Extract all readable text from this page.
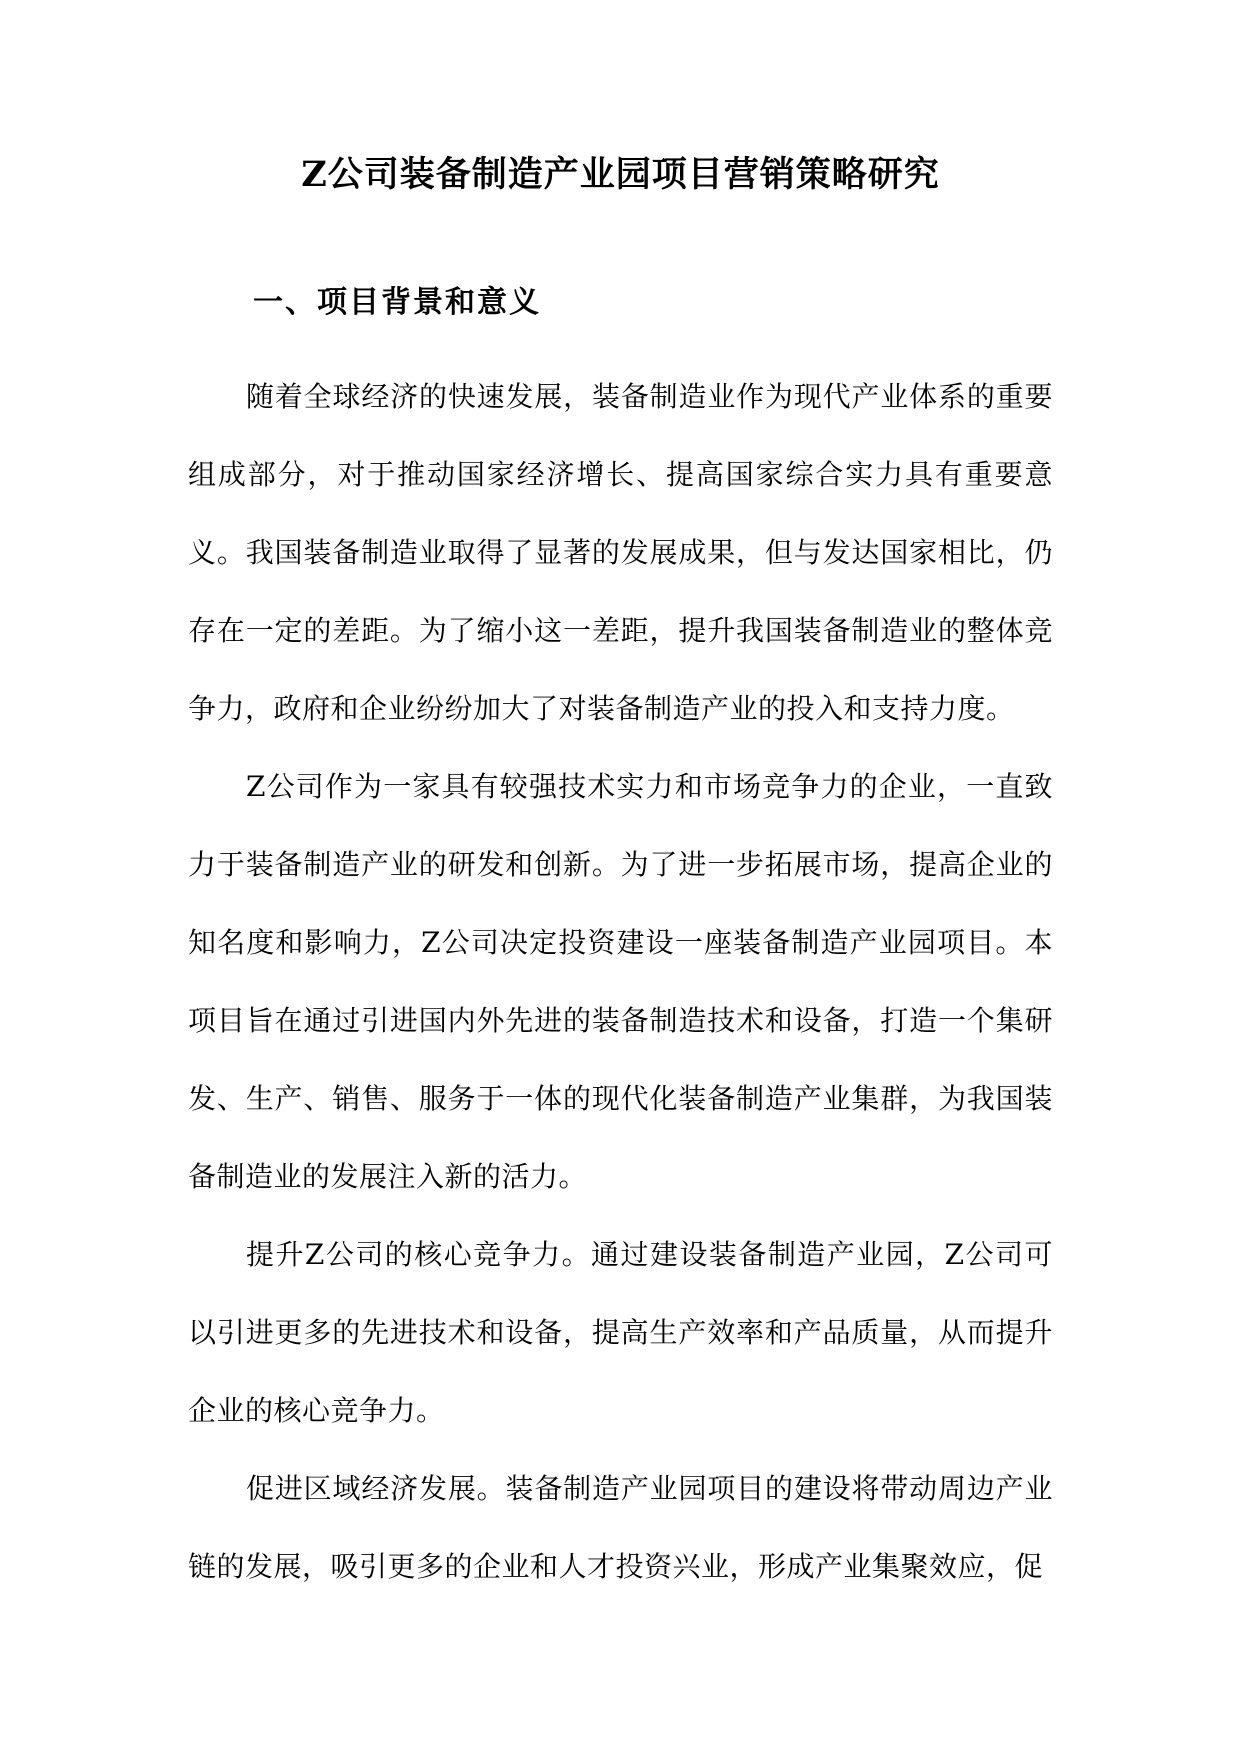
Z公司装备制造产业园项目营销策略研究
一、项目背景和意义

随着全球经济的快速发展，装备制造业作为现代产业体系的重要组成部分，对于推动国家经济增长、提高国家综合实力具有重要意义。我国装备制造业取得了显著的发展成果，但与发达国家相比，仍存在一定的差距。为了缩小这一差距，提升我国装备制造业的整体竞争力，政府和企业纷纷加大了对装备制造产业的投入和支持力度。

Z公司作为一家具有较强技术实力和市场竞争力的企业，一直致力于装备制造产业的研发和创新。为了进一步拓展市场，提高企业的知名度和影响力，Z公司决定投资建设一座装备制造产业园项目。本项目旨在通过引进国内外先进的装备制造技术和设备，打造一个集研发、生产、销售、服务于一体的现代化装备制造产业集群，为我国装备制造业的发展注入新的活力。

提升Z公司的核心竞争力。通过建设装备制造产业园，Z公司可以引进更多的先进技术和设备，提高生产效率和产品质量，从而提升企业的核心竞争力。

促进区域经济发展。装备制造产业园项目的建设将带动周边产业链的发展，吸引更多的企业和人才投资兴业，形成产业集聚效应，促
